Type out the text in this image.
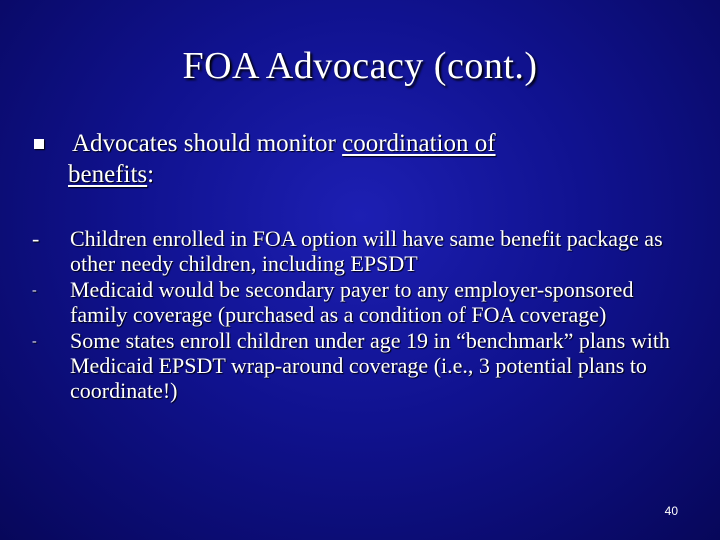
FOA Advocacy (cont.)
Advocates should monitor coordination of
benefits:
- Children enrolled in FOA option will have same benefit package as other needy children, including EPSDT
- Medicaid would be secondary payer to any employer-sponsored family coverage (purchased as a condition of FOA coverage)
- Some states enroll children under age 19 in “benchmark” plans with Medicaid EPSDT wrap-around coverage (i.e., 3 potential plans to coordinate!)
40
